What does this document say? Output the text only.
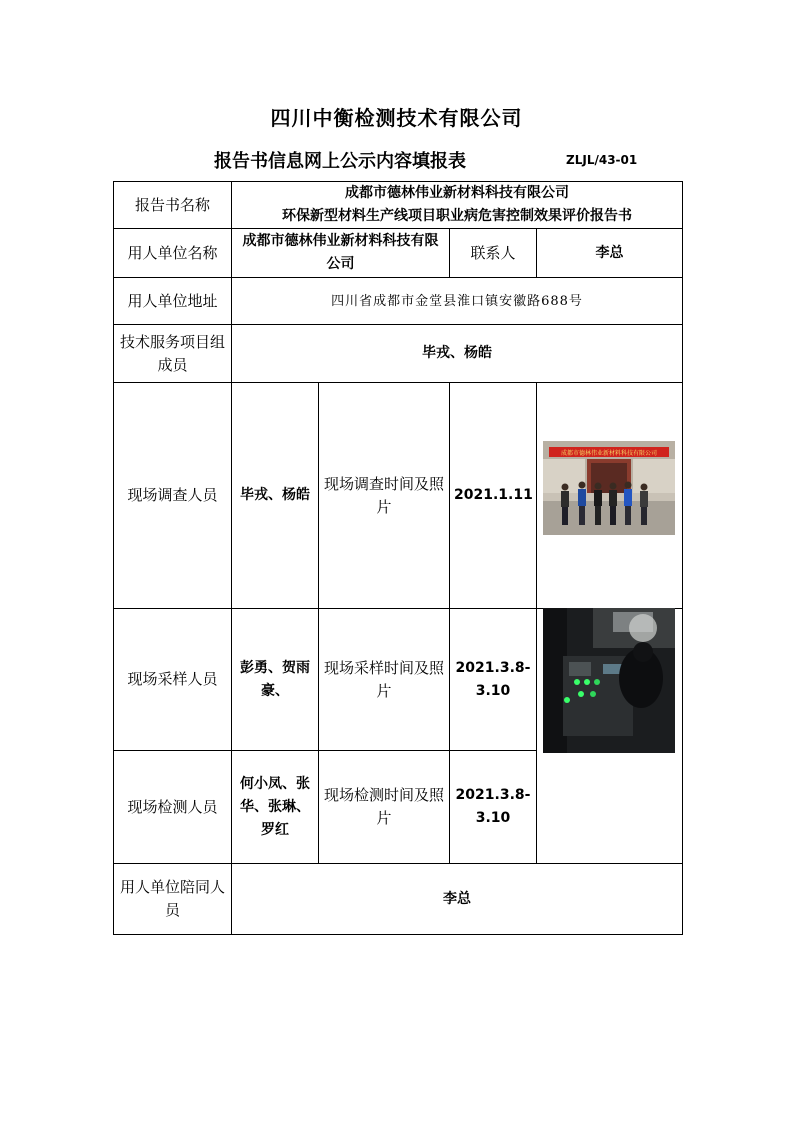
四川中衡检测技术有限公司
报告书信息网上公示内容填报表	ZLJL/43-01
报告书名称	成都市德林伟业新材料科技有限公司
环保新型材料生产线项目职业病危害控制效果评价报告书			

用人单位名称	成都市德林伟业新材料科技有限公司		联系人	李总
用人单位地址	四川省成都市金堂县淮口镇安徽路688号			
技术服务项目组成员	毕戎、杨皓			
现场调查人员	毕戎、杨皓	现场调查时间及照片	2021.1.11	
现场采样人员	彭勇、贺雨豪、	现场采样时间及照片	2021.3.8-3.10	
现场检测人员	何小凤、张华、张琳、罗红	现场检测时间及照片	2021.3.8-3.10	
用人单位陪同人员	李总			
成都市德林伟业新材料科技有限公司
